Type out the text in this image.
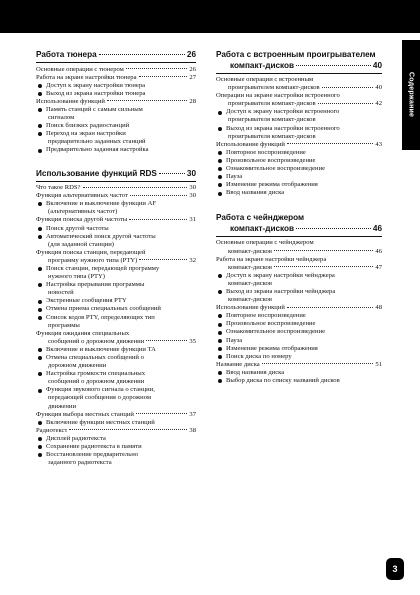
Содержание
Работа тюнера	26
Основные операции с тюнером	26
Работа на экране настройки тюнера	27
Доступ к экрану настройки тюнера
Выход из экрана настройки тюнера
Использование функций	28
Память станций с самым сильным
сигналом
Поиск близких радиостанций
Переход на экран настройки
предварительно заданных станций
Предварительно заданная настройка
Использование функций RDS	30
Что такое RDS?	30
Функция альтернативных частот	30
Включение и выключение функции AF
(альтернативных частот)
Функция поиска другой частоты	31
Поиск другой частоты
Автоматический поиск другой частоты
(для заданной станции)
Функция поиска станции, передающей
программу нужного типа (PTY)	32
Поиск станции, передающей программу
нужного типа (PTY)
Настройка прерывания программы
новостей
Экстренные сообщения PTY
Отмена приема специальных сообщений
Список кодов PTY, определяющих тип
программы
Функция ожидания специальных
сообщений о дорожном движении	35
Включение и выключение функции TA
Отмена специальных сообщений о
дорожном движении
Настройка громкости специальных
сообщений о дорожном движении
Функция звукового сигнала о станции,
передающей сообщения о дорожном
движении
Функция выбора местных станций	37
Включение функции местных станций
Радиотекст	38
Дисплей радиотекста
Сохранение радиотекста в памяти
Восстановление предварительно
заданного радиотекста
Работа с встроенным проигрывателем
компакт-дисков	40
Основные операции с встроенным
проигрывателем компакт-дисков	40
Операции на экране настройки встроенного
проигрывателя компакт-дисков	42
Доступ к экрану настройки встроенного
проигрывателя компакт-дисков
Выход из экрана настройки встроенного
проигрывателя компакт-дисков
Использование функций	43
Повторное воспроизведение
Произвольное воспроизведение
Ознакомительное воспроизведение
Пауза
Изменение режима отображения
Ввод названия диска
Работа с чейнджером
компакт-дисков	46
Основные операции с чейнджером
компакт-дисков	46
Работа на экране настройки чейнджера
компакт-дисков	47
Доступ к экрану настройки чейнджера
компакт-дисков
Выход из экрана настройки чейнджера
компакт-дисков
Использование функций	48
Повторное воспроизведение
Произвольное воспроизведение
Ознакомительное воспроизведение
Пауза
Изменение режима отображения
Поиск диска по номеру
Название диска	51
Ввод названия диска
Выбор диска по списку названий дисков
3
